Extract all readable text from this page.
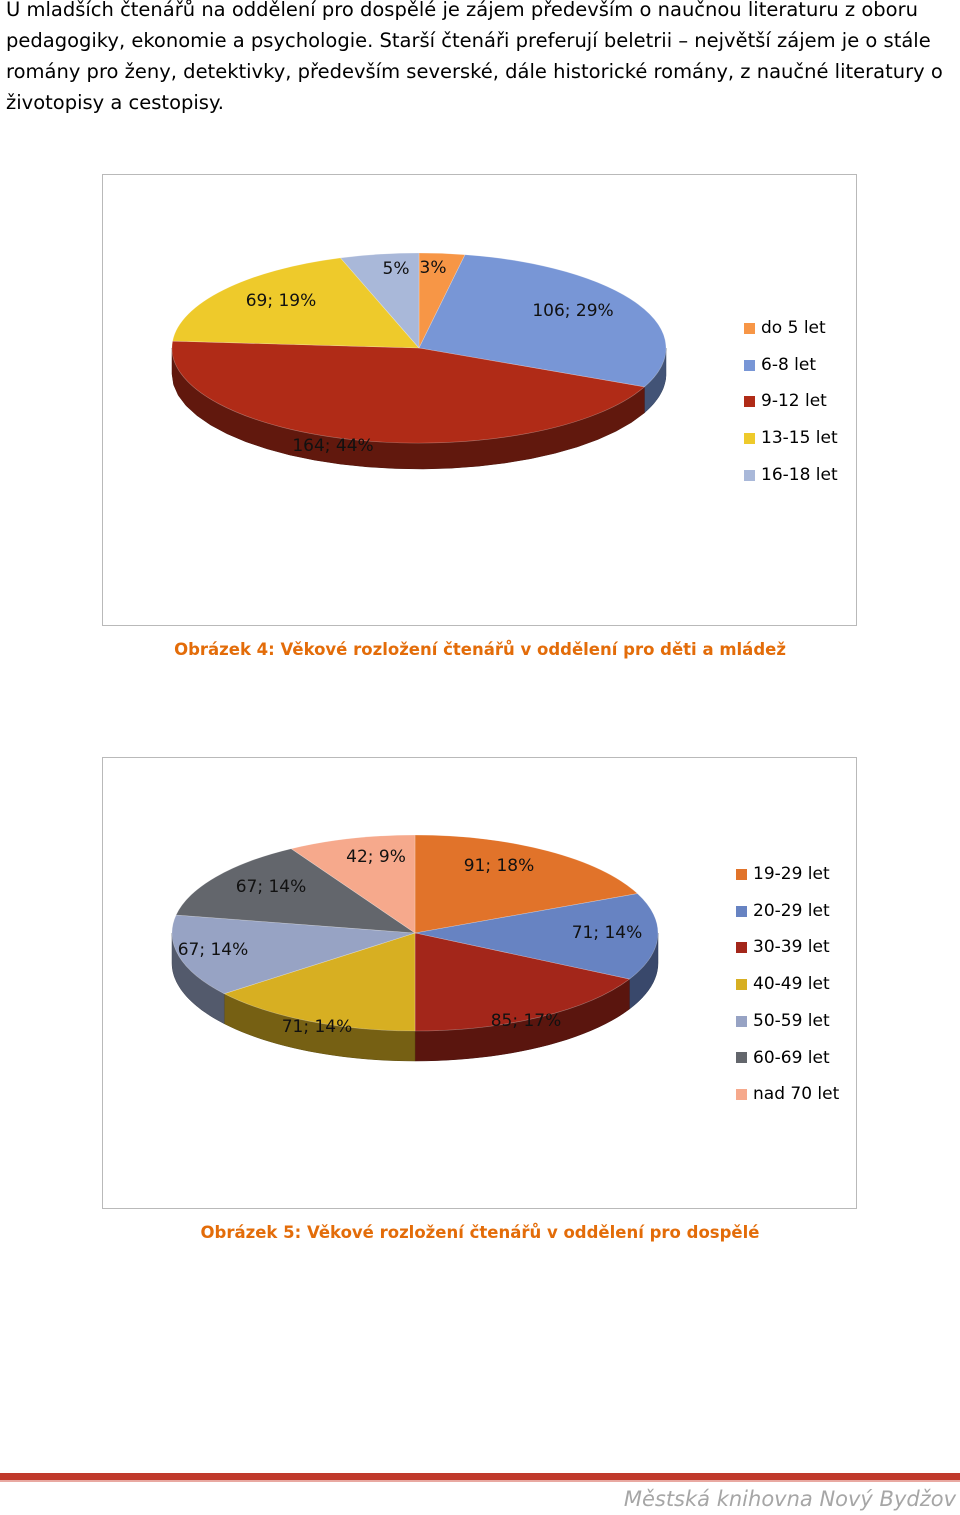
U mladších čtenářů na oddělení pro dospělé je zájem především o naučnou literaturu z oboru pedagogiky, ekonomie a psychologie. Starší čtenáři preferují beletrii – největší zájem je o stále romány pro ženy, detektivky, především severské, dále historické romány, z naučné literatury o životopisy a cestopisy.

3%
106; 29%
164; 44%
69; 19%
5%
do 5 let
6-8 let
9-12 let
13-15 let
16-18 let
Obrázek 4: Věkové rozložení čtenářů v oddělení pro děti a mládež
91; 18%
71; 14%
85; 17%
71; 14%
67; 14%
67; 14%
42; 9%
19-29 let
20-29 let
30-39 let
40-49 let
50-59 let
60-69 let
nad 70 let
Obrázek 5: Věkové rozložení čtenářů v oddělení pro dospělé
Městská knihovna Nový Bydžov
